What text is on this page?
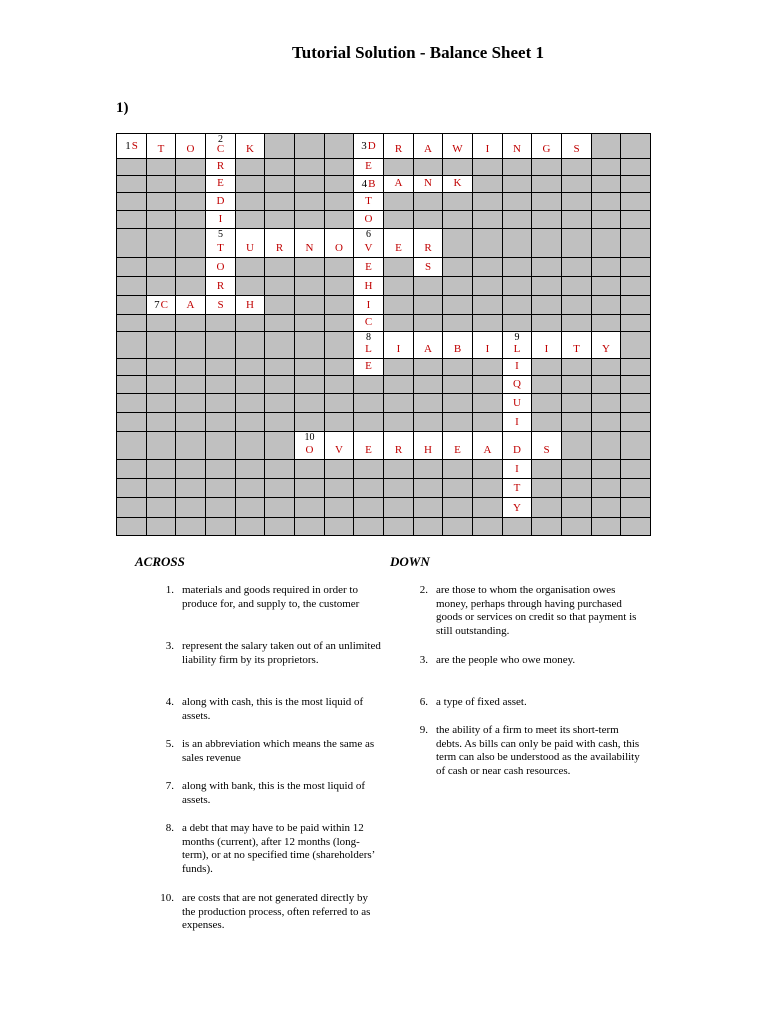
Tutorial Solution - Balance Sheet 1
1)
1 S	T	O
2
C	K	3 D	R	A	W	I	N	G	S
R	E
E	4 B	A	N	K
D	T
I	O
5
T	U	R	N	O
6
V	E	R
O	E	S
R	H
7 C	A	S	H	I
C
8
L	I	A	B	I
9
L	I	T	Y
E	I
Q
U
I
10
O	V	E	R	H	E	A	D	S
I
T
Y
ACROSS	DOWN
1. materials and goods required in order to produce for, and supply to, the customer
3. represent the salary taken out of an unlimited liability firm by its proprietors.
4. along with cash, this is the most liquid of assets.
5. is an abbreviation which means the same as sales revenue
7. along with bank, this is the most liquid of assets.
8. a debt that may have to be paid within 12 months (current), after 12 months (long-term), or at no specified time (shareholders’ funds).
10. are costs that are not generated directly by the production process, often referred to as expenses.
2. are those to whom the organisation owes money, perhaps through having purchased goods or services on credit so that payment is still outstanding.
3. are the people who owe money.
6. a type of fixed asset.
9. the ability of a firm to meet its short-term debts. As bills can only be paid with cash, this term can also be understood as the availability of cash or near cash resources.
